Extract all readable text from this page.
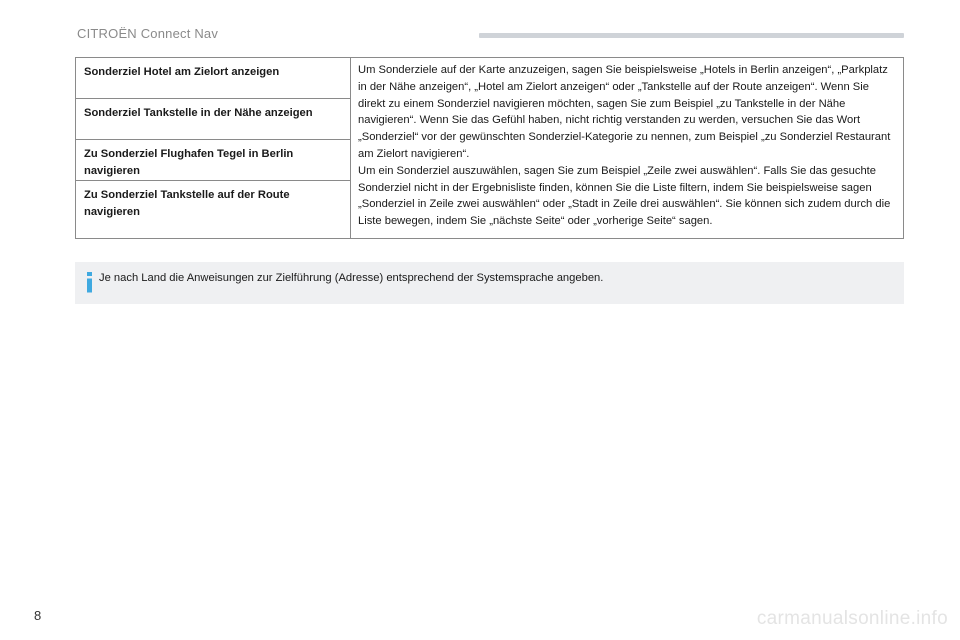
CITROËN Connect Nav
Sonderziel Hotel am Zielort anzeigen	Um Sonderziele auf der Karte anzuzeigen, sagen Sie beispielsweise „Hotels in Berlin anzeigen“, „Parkplatz in der Nähe anzeigen“, „Hotel am Zielort anzeigen“ oder „Tankstelle auf der Route anzeigen“. Wenn Sie direkt zu einem Sonderziel navigieren möchten, sagen Sie zum Beispiel „zu Tankstelle in der Nähe navigieren“. Wenn Sie das Gefühl haben, nicht richtig verstanden zu werden, versuchen Sie das Wort „Sonderziel“ vor der gewünschten Sonderziel-Kategorie zu nennen, zum Beispiel „zu Sonderziel Restaurant am Zielort navigieren“.

Um ein Sonderziel auszuwählen, sagen Sie zum Beispiel „Zeile zwei auswählen“. Falls Sie das gesuchte Sonderziel nicht in der Ergebnisliste finden, können Sie die Liste filtern, indem Sie beispielsweise sagen „Sonderziel in Zeile zwei auswählen“ oder „Stadt in Zeile drei auswählen“. Sie können sich zudem durch die Liste bewegen, indem Sie „nächste Seite“ oder „vorherige Seite“ sagen.

Sonderziel Tankstelle in der Nähe anzeigen

Zu Sonderziel Flughafen Tegel in Berlin navigieren

Zu Sonderziel Tankstelle auf der Route navigieren
Je nach Land die Anweisungen zur Zielführung (Adresse) entsprechend der Systemsprache angeben.
8	carmanualsonline.info
